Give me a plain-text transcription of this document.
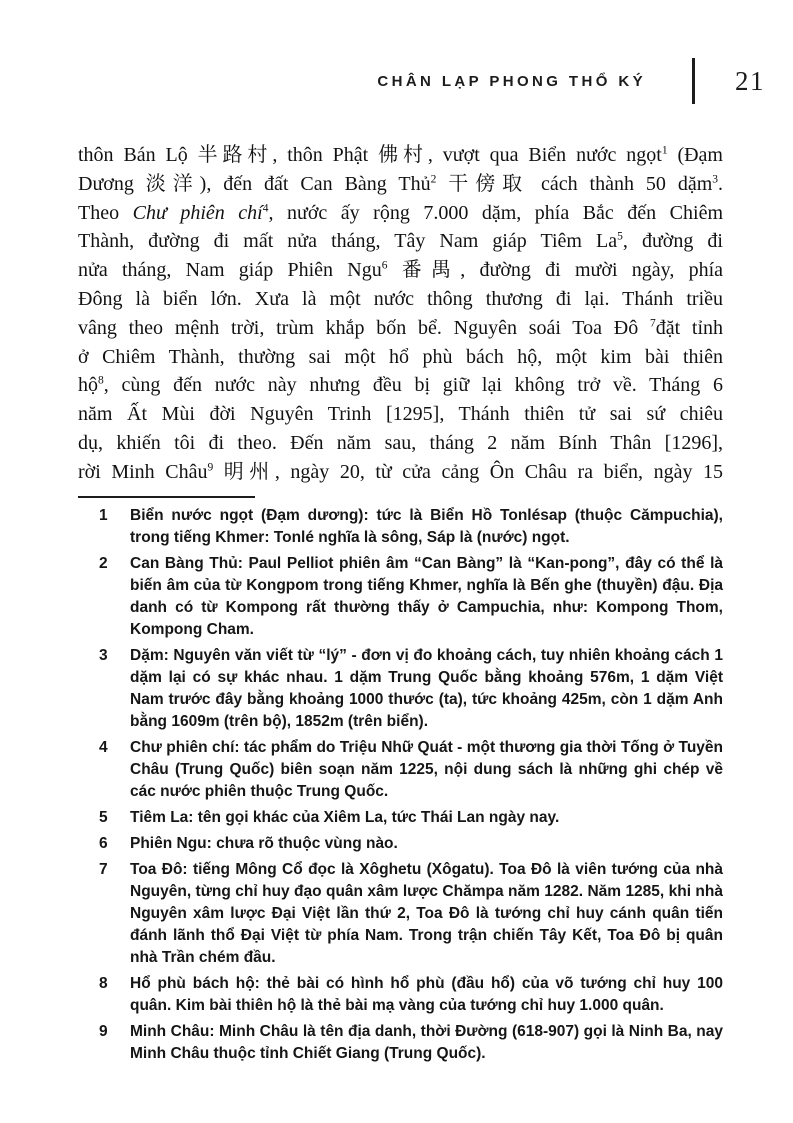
CHÂN LẠP PHONG THỔ KÝ	21
thôn Bán Lộ 半路村, thôn Phật 佛村, vượt qua Biển nước ngọt$^1$ (Đạm
Dương 淡洋), đến đất Can Bàng Thủ$^2$ 干傍取 cách thành 50 dặm$^3$.
Theo Chư phiên chí$^4$, nước ấy rộng 7.000 dặm, phía Bắc đến Chiêm
Thành, đường đi mất nửa tháng, Tây Nam giáp Tiêm La$^5$, đường đi
nửa tháng, Nam giáp Phiên Ngu$^6$ 番禺, đường đi mười ngày, phía
Đông là biển lớn. Xưa là một nước thông thương đi lại. Thánh triều
vâng theo mệnh trời, trùm khắp bốn bể. Nguyên soái Toa Đô $^7$đặt tỉnh
ở Chiêm Thành, thường sai một hổ phù bách hộ, một kim bài thiên
hộ$^8$, cùng đến nước này nhưng đều bị giữ lại không trở về. Tháng 6
năm Ất Mùi đời Nguyên Trinh [1295], Thánh thiên tử sai sứ chiêu
dụ, khiến tôi đi theo. Đến năm sau, tháng 2 năm Bính Thân [1296],
rời Minh Châu$^9$ 明州, ngày 20, từ cửa cảng Ôn Châu ra biển, ngày 15
1	Biển nước ngọt (Đạm dương): tức là Biển Hồ Tonlésap (thuộc Cămpuchia), trong tiếng Khmer: Tonlé nghĩa là sông, Sáp là (nước) ngọt.
2	Can Bàng Thủ: Paul Pelliot phiên âm “Can Bàng” là “Kan-pong”, đây có thể là biến âm của từ Kongpom trong tiếng Khmer, nghĩa là Bến ghe (thuyền) đậu. Địa danh có từ Kompong rất thường thấy ở Campuchia, như: Kompong Thom, Kompong Cham.
3	Dặm: Nguyên văn viết từ “lý” - đơn vị đo khoảng cách, tuy nhiên khoảng cách 1 dặm lại có sự khác nhau. 1 dặm Trung Quốc bằng khoảng 576m, 1 dặm Việt Nam trước đây bằng khoảng 1000 thước (ta), tức khoảng 425m, còn 1 dặm Anh bằng 1609m (trên bộ), 1852m (trên biển).
4	Chư phiên chí: tác phẩm do Triệu Nhữ Quát - một thương gia thời Tống ở Tuyền Châu (Trung Quốc) biên soạn năm 1225, nội dung sách là những ghi chép về các nước phiên thuộc Trung Quốc.
5	Tiêm La: tên gọi khác của Xiêm La, tức Thái Lan ngày nay.
6	Phiên Ngu: chưa rõ thuộc vùng nào.
7	Toa Đô: tiếng Mông Cổ đọc là Xôghetu (Xôgatu). Toa Đô là viên tướng của nhà Nguyên, từng chỉ huy đạo quân xâm lược Chămpa năm 1282. Năm 1285, khi nhà Nguyên xâm lược Đại Việt lần thứ 2, Toa Đô là tướng chỉ huy cánh quân tiến đánh lãnh thổ Đại Việt từ phía Nam. Trong trận chiến Tây Kết, Toa Đô bị quân nhà Trần chém đầu.
8	Hổ phù bách hộ: thẻ bài có hình hổ phù (đầu hổ) của võ tướng chỉ huy 100 quân. Kim bài thiên hộ là thẻ bài mạ vàng của tướng chỉ huy 1.000 quân.
9	Minh Châu: Minh Châu là tên địa danh, thời Đường (618-907) gọi là Ninh Ba, nay Minh Châu thuộc tỉnh Chiết Giang (Trung Quốc).
